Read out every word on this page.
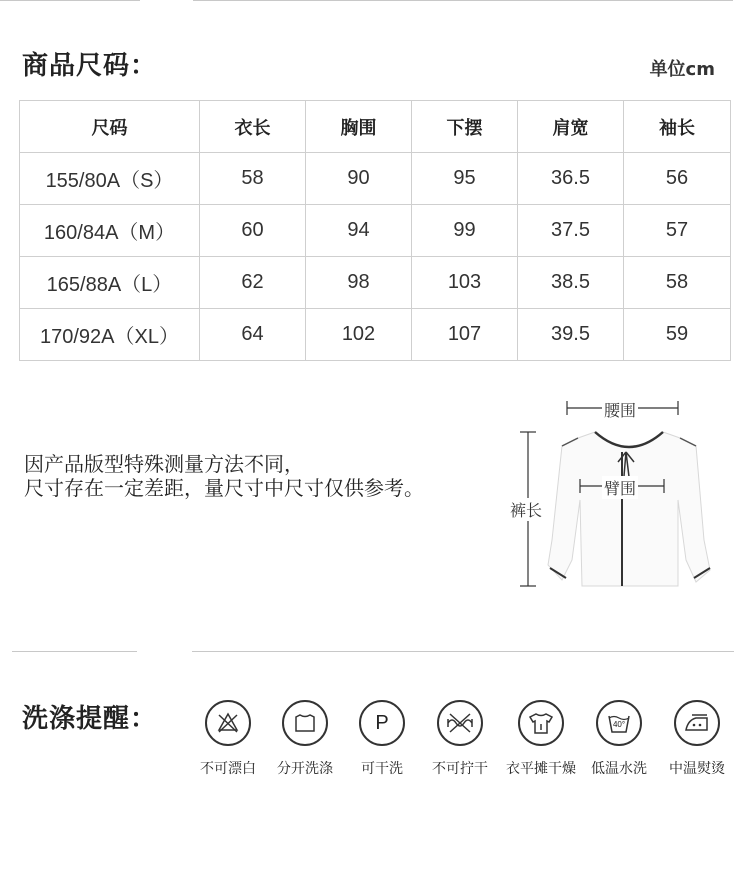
商品尺码：	单位cm
尺码	衣长	胸围	下摆	肩宽	袖长
155/80A（S）	58	90	95	36.5	56
160/84A（M）	60	94	99	37.5	57
165/88A（L）	62	98	103	38.5	58
170/92A（XL）	64	102	107	39.5	59
因产品版型特殊测量方法不同，
尺寸存在一定差距，量尺寸中尺寸仅供参考。
腰围
臂围
裤长
洗涤提醒：
不可漂白	分开洗涤
P
可干洗	不可拧干	衣平摊干燥
40°
低温水洗	中温熨烫
